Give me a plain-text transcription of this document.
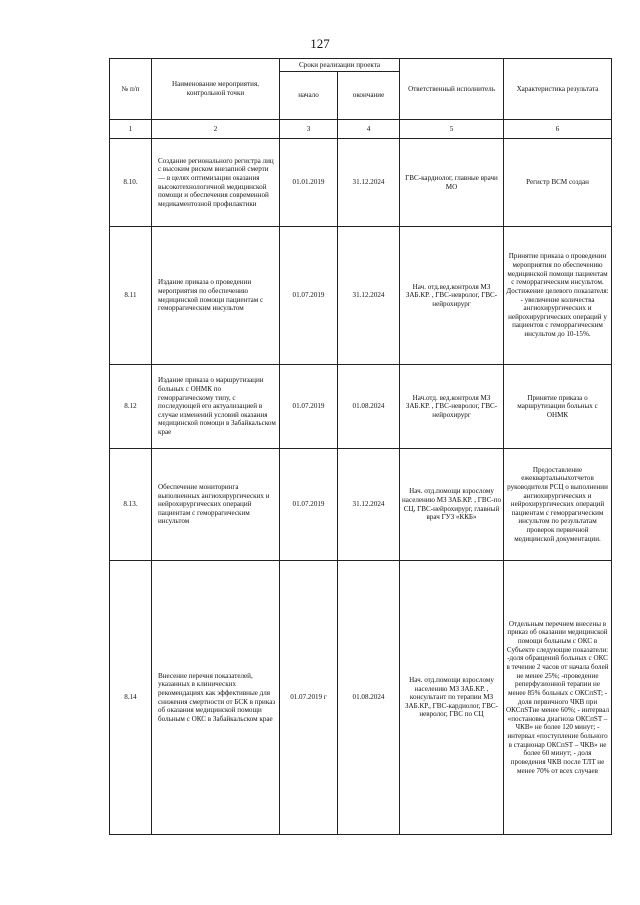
127
№ п/п	Наименование мероприятия, контрольной точки	Сроки реализации проекта		Ответственный исполнитель	Характеристика результата
		начало	окончание		
1	2	3	4	5	6
8.10.	Создание регионального регистра лиц с высоким риском внезапной смерти — в целях оптимизации оказания высокотехнологичной медицинской помощи и обеспечения современной медикаментозной профилактики	01.01.2019	31.12.2024	ГВС-кардиолог, главные врачи МО	Регистр ВСМ создан
8.11	Издание приказа о проведении мероприятия по обеспечению медицинской помощи пациентам с геморрагическим инсультом	01.07.2019	31.12.2024	Нач. отд.вед.контроля МЗ ЗАБ.КР. , ГВС-невролог, ГВС-нейрохирург	Принятие приказа о проведении мероприятия по обеспечению медицинской помощи пациентам с геморрагическим инсультом. Достижение целевого показателя: - увеличение количества ангиохирургических и нейрохирургических операций у пациентов с геморрагическим инсультом до 10-15%.
8.12	Издание приказа о маршрутизации больных с ОНМК по геморрагическому типу, с последующей его актуализацией в случае изменений условий оказания медицинской помощи в Забайкальском крае	01.07.2019	01.08.2024	Нач.отд. вед.контроля МЗ ЗАБ.КР. , ГВС-невролог, ГВС-нейрохирург	Принятие приказа о маршрутизации больных с ОНМК
8.13.	Обеспечение мониторинга выполненных ангиохирургических и нейрохирургических операций пациентам с геморрагическим инсультом	01.07.2019	31.12.2024	Нач. отд.помощи взрослому населению МЗ ЗАБ.КР. , ГВС-по СЦ, ГВС-нейрохирург, главный врач ГУЗ «ККБ»	Предоставление ежеквартальныхотчетов руководителя РСЦ о выполнении ангиохирургических и нейрохирургических операций пациентам с геморрагическим инсультом по результатам проверок первичной медицинской документации.
8.14	Внесение перечня показателей, указанных в клинических рекомендациях как эффективные для снижения смертности от БСК в приказ об оказания медицинской помощи больным с ОКС в Забайкальском крае	01.07.2019 г	01.08.2024	Нач. отд.помощи взрослому населению МЗ ЗАБ.КР. , консультант по терапии МЗ ЗАБ.КР., ГВС-кардиолог, ГВС-невролог, ГВС по СЦ	Отдельным перечнем внесены в приказ об оказании медицинской помощи больным с ОКС в Субъекте следующие показатели: -доля обращений больных с ОКС в течение 2 часов от начала болей не менее 25%; -проведение реперфузионной терапии не менее 85% больных с ОКСпST; - доля первичного ЧКВ при ОКСпSTне менее 60%; - интервал «постановка диагноза ОКСпST – ЧКВ» не более 120 минут; - интервал «поступление больного в стационар ОКСпST – ЧКВ» не более 60 минут; - доля проведения ЧКВ после ТЛТ не менее 70% от всех случаев
